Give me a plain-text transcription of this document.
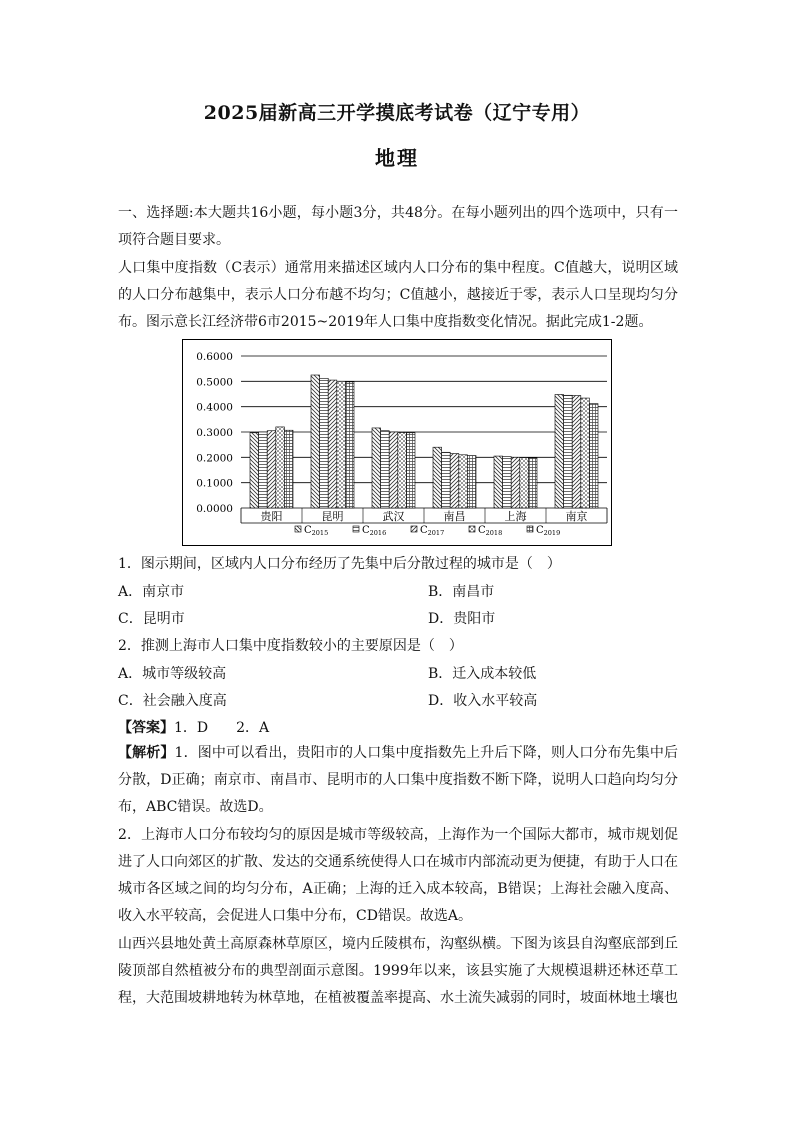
2025届新高三开学摸底考试卷（辽宁专用）
地理
一、选择题:本大题共16小题，每小题3分，共48分。在每小题列出的四个选项中，只有一项符合题目要求。
人口集中度指数（C表示）通常用来描述区域内人口分布的集中程度。C值越大，说明区域的人口分布越集中，表示人口分布越不均匀；C值越小，越接近于零，表示人口呈现均匀分布。图示意长江经济带6市2015~2019年人口集中度指数变化情况。据此完成1-2题。
0.0000
0.1000
0.2000
0.3000
0.4000
0.5000
0.6000
贵阳	昆明	武汉	南昌	上海	南京
$C_{2015}$	$C_{2016}$	$C_{2017}$	$C_{2018}$	$C_{2019}$
1．图示期间，区域内人口分布经历了先集中后分散过程的城市是（　）
A．南京市	B．南昌市
C．昆明市	D．贵阳市
2．推测上海市人口集中度指数较小的主要原因是（　）
A．城市等级较高	B．迁入成本较低
C．社会融入度高	D．收入水平较高
【答案】1．D　　2．A
【解析】1．图中可以看出，贵阳市的人口集中度指数先上升后下降，则人口分布先集中后分散，D正确；南京市、南昌市、昆明市的人口集中度指数不断下降，说明人口趋向均匀分布，ABC错误。故选D。
2．上海市人口分布较均匀的原因是城市等级较高，上海作为一个国际大都市，城市规划促进了人口向郊区的扩散、发达的交通系统使得人口在城市内部流动更为便捷，有助于人口在城市各区域之间的均匀分布，A正确；上海的迁入成本较高，B错误；上海社会融入度高、收入水平较高，会促进人口集中分布，CD错误。故选A。
山西兴县地处黄土高原森林草原区，境内丘陵棋布，沟壑纵横。下图为该县自沟壑底部到丘陵顶部自然植被分布的典型剖面示意图。1999年以来，该县实施了大规模退耕还林还草工程，大范围坡耕地转为林草地，在植被覆盖率提高、水土流失减弱的同时，坡面林地土壤也
